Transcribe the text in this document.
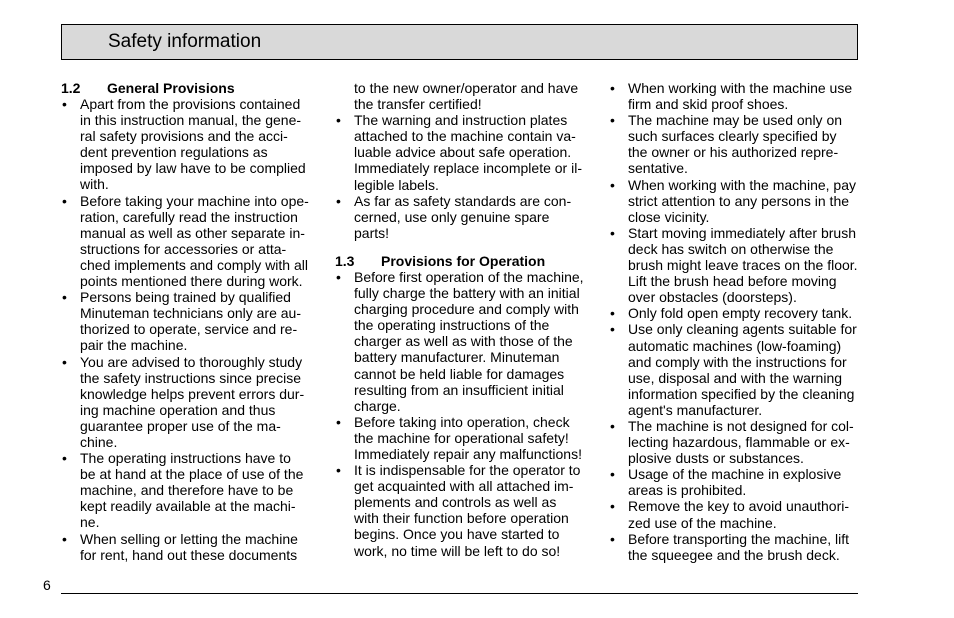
Safety information
1.2 General Provisions
• Apart from the provisions contained
in this instruction manual, the gene-
ral safety provisions and the acci-
dent prevention regulations as
imposed by law have to be complied
with.
• Before taking your machine into ope-
ration, carefully read the instruction
manual as well as other separate in-
structions for accessories or atta-
ched implements and comply with all
points mentioned there during work.
• Persons being trained by qualified
Minuteman technicians only are au-
thorized to operate, service and re-
pair the machine.
• You are advised to thoroughly study
the safety instructions since precise
knowledge helps prevent errors dur-
ing machine operation and thus
guarantee proper use of the ma-
chine.
• The operating instructions have to
be at hand at the place of use of the
machine, and therefore have to be
kept readily available at the machi-
ne.
• When selling or letting the machine
for rent, hand out these documents
to the new owner/operator and have
the transfer certified!
• The warning and instruction plates
attached to the machine contain va-
luable advice about safe operation.
Immediately replace incomplete or il-
legible labels.
• As far as safety standards are con-
cerned, use only genuine spare
parts!
1.3 Provisions for Operation
• Before first operation of the machine,
fully charge the battery with an initial
charging procedure and comply with
the operating instructions of the
charger as well as with those of the
battery manufacturer. Minuteman
cannot be held liable for damages
resulting from an insufficient initial
charge.
• Before taking into operation, check
the machine for operational safety!
Immediately repair any malfunctions!
• It is indispensable for the operator to
get acquainted with all attached im-
plements and controls as well as
with their function before operation
begins. Once you have started to
work, no time will be left to do so!
• When working with the machine use
firm and skid proof shoes.
• The machine may be used only on
such surfaces clearly specified by
the owner or his authorized repre-
sentative.
• When working with the machine, pay
strict attention to any persons in the
close vicinity.
• Start moving immediately after brush
deck has switch on otherwise the
brush might leave traces on the floor.
Lift the brush head before moving
over obstacles (doorsteps).
• Only fold open empty recovery tank.
• Use only cleaning agents suitable for
automatic machines (low-foaming)
and comply with the instructions for
use, disposal and with the warning
information specified by the cleaning
agent's manufacturer.
• The machine is not designed for col-
lecting hazardous, flammable or ex-
plosive dusts or substances.
• Usage of the machine in explosive
areas is prohibited.
• Remove the key to avoid unauthori-
zed use of the machine.
• Before transporting the machine, lift
the squeegee and the brush deck.
6
